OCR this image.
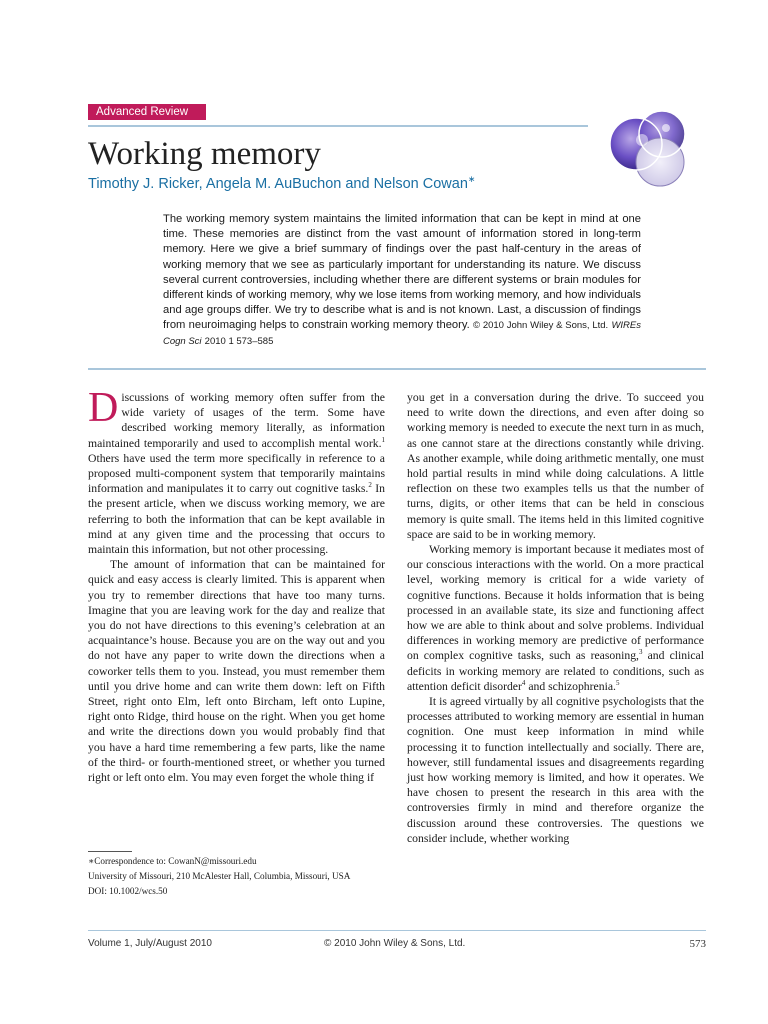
Advanced Review
Working memory
Timothy J. Ricker, Angela M. AuBuchon and Nelson Cowan∗
The working memory system maintains the limited information that can be kept in mind at one time. These memories are distinct from the vast amount of information stored in long-term memory. Here we give a brief summary of findings over the past half-century in the areas of working memory that we see as particularly important for understanding its nature. We discuss several current controversies, including whether there are different systems or brain modules for different kinds of working memory, why we lose items from working memory, and how individuals and age groups differ. We try to describe what is and is not known. Last, a discussion of findings from neuroimaging helps to constrain working memory theory. © 2010 John Wiley & Sons, Ltd. WIREs Cogn Sci 2010 1 573–585

Discussions of working memory often suffer from the wide variety of usages of the term. Some have described working memory literally, as information maintained temporarily and used to accomplish mental work.$^1$ Others have used the term more specifically in reference to a proposed multi-component system that temporarily maintains information and manipulates it to carry out cognitive tasks.$^2$ In the present article, when we discuss working memory, we are referring to both the information that can be kept available in mind at any given time and the processing that occurs to maintain this information, but not other processing.

The amount of information that can be maintained for quick and easy access is clearly limited. This is apparent when you try to remember directions that have too many turns. Imagine that you are leaving work for the day and realize that you do not have directions to this evening’s celebration at an acquaintance’s house. Because you are on the way out and you do not have any paper to write down the directions when a coworker tells them to you. Instead, you must remember them until you drive home and can write them down: left on Fifth Street, right onto Elm, left onto Bircham, left onto Lupine, right onto Ridge, third house on the right. When you get home and write the directions down you would probably find that you have a hard time remembering a few parts, like the name of the third- or fourth-mentioned street, or whether you turned right or left onto elm. You may even forget the whole thing if

you get in a conversation during the drive. To succeed you need to write down the directions, and even after doing so working memory is needed to execute the next turn in as much, as one cannot stare at the directions constantly while driving. As another example, while doing arithmetic mentally, one must hold partial results in mind while doing calculations. A little reflection on these two examples tells us that the number of turns, digits, or other items that can be held in conscious memory is quite small. The items held in this limited cognitive space are said to be in working memory.

Working memory is important because it mediates most of our conscious interactions with the world. On a more practical level, working memory is critical for a wide variety of cognitive functions. Because it holds information that is being processed in an available state, its size and functioning affect how we are able to think about and solve problems. Individual differences in working memory are predictive of performance on complex cognitive tasks, such as reasoning,$^3$ and clinical deficits in working memory are related to conditions, such as attention deficit disorder$^4$ and schizophrenia.$^5$

It is agreed virtually by all cognitive psychologists that the processes attributed to working memory are essential in human cognition. One must keep information in mind while processing it to function intellectually and socially. There are, however, still fundamental issues and disagreements regarding just how working memory is limited, and how it operates. We have chosen to present the research in this area with the controversies firmly in mind and therefore organize the discussion around these controversies. The questions we consider include, whether working

∗Correspondence to: CowanN@missouri.edu

University of Missouri, 210 McAlester Hall, Columbia, Missouri, USA

DOI: 10.1002/wcs.50

Volume 1, July/August 2010	© 2010 John Wiley & Sons, Ltd.	573
